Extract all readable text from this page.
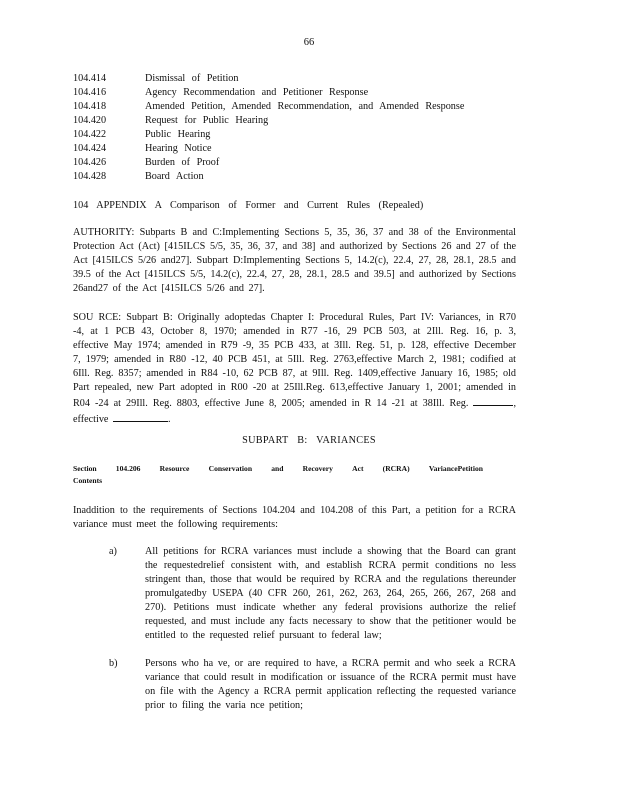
66
104.414	Dismissal of Petition
104.416	Agency Recommendation and Petitioner Response
104.418	Amended Petition, Amended Recommendation, and Amended Response
104.420	Request for Public Hearing
104.422	Public Hearing
104.424	Hearing Notice
104.426	Burden of Proof
104.428	Board Action
104 APPENDIX A Comparison of Former and Current Rules (Repealed)
AUTHORITY: Subparts B and C:Implementing Sections 5, 35, 36, 37 and 38 of the Environmental Protection Act (Act) [415ILCS 5/5, 35, 36, 37, and 38] and authorized by Sections 26 and 27 of the Act [415ILCS 5/26 and27]. Subpart D:Implementing Sections 5, 14.2(c), 22.4, 27, 28, 28.1, 28.5 and 39.5 of the Act [415ILCS 5/5, 14.2(c), 22.4, 27, 28, 28.1, 28.5 and 39.5] and authorized by Sections 26and27 of the Act [415ILCS 5/26 and 27].
SOU RCE: Subpart B: Originally adoptedas Chapter I: Procedural Rules, Part IV: Variances, in R70 -4, at 1 PCB 43, October 8, 1970; amended in R77 -16, 29 PCB 503, at 2Ill. Reg. 16, p. 3, effective May 1974; amended in R79 -9, 35 PCB 433, at 3Ill. Reg. 51, p. 128, effective December 7, 1979; amended in R80 -12, 40 PCB 451, at 5Ill. Reg. 2763,effective March 2, 1981; codified at 6Ill. Reg. 8357; amended in R84 -10, 62 PCB 87, at 9Ill. Reg. 1409,effective January 16, 1985; old Part repealed, new Part adopted in R00 -20 at 25Ill.Reg. 613,effective January 1, 2001; amended in R04 -24 at 29Ill. Reg. 8803, effective June 8, 2005; amended in R 14 -21 at 38Ill. Reg.	, effective	.
SUBPART B: VARIANCES
Section	104.206	Resource	Conservation	and	Recovery	Act	(RCRA)	VariancePetition
Contents
Inaddition to the requirements of Sections 104.204 and 104.208 of this Part, a petition for a RCRA variance must meet the following requirements:
a)	All petitions for RCRA variances must include a showing that the Board can grant the requestedrelief consistent with, and establish RCRA permit conditions no less stringent than, those that would be required by RCRA and the regulations thereunder promulgatedby USEPA (40 CFR 260, 261, 262, 263, 264, 265, 266, 267, 268 and 270). Petitions must indicate whether any federal provisions authorize the relief requested, and must include any facts necessary to show that the petitioner would be entitled to the requested relief pursuant to federal law;
b)	Persons who ha ve, or are required to have, a RCRA permit and who seek a RCRA variance that could result in modification or issuance of the RCRA permit must have on file with the Agency a RCRA permit application reflecting the requested variance prior to filing the varia nce petition;
